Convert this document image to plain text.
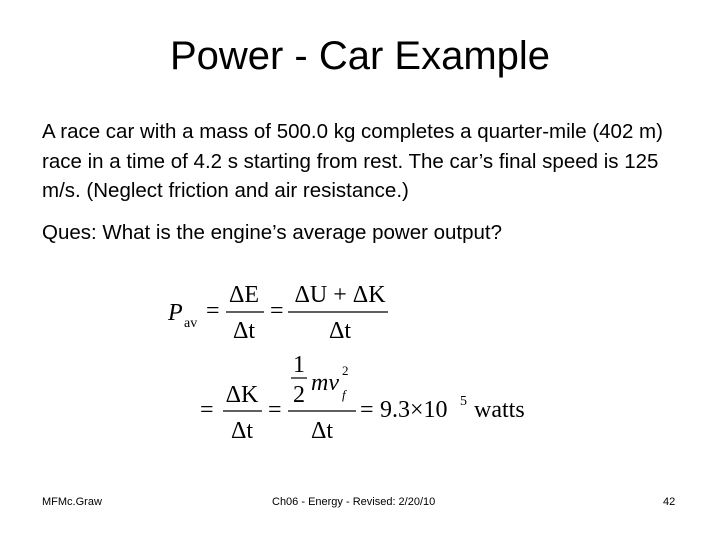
Power - Car Example
A race car with a mass of 500.0 kg completes a quarter-mile (402 m) race in a time of 4.2 s starting from rest. The car’s final speed is 125 m/s. (Neglect friction and air resistance.)
Ques: What is the engine’s average power output?
P av =
ΔE
Δt
=
ΔU + ΔK
Δt
=
ΔK
Δt
=
1
2 mv 2
f
Δt
= 9.3×10 5 watts
MFMc.Graw	Ch06 - Energy - Revised: 2/20/10	42
